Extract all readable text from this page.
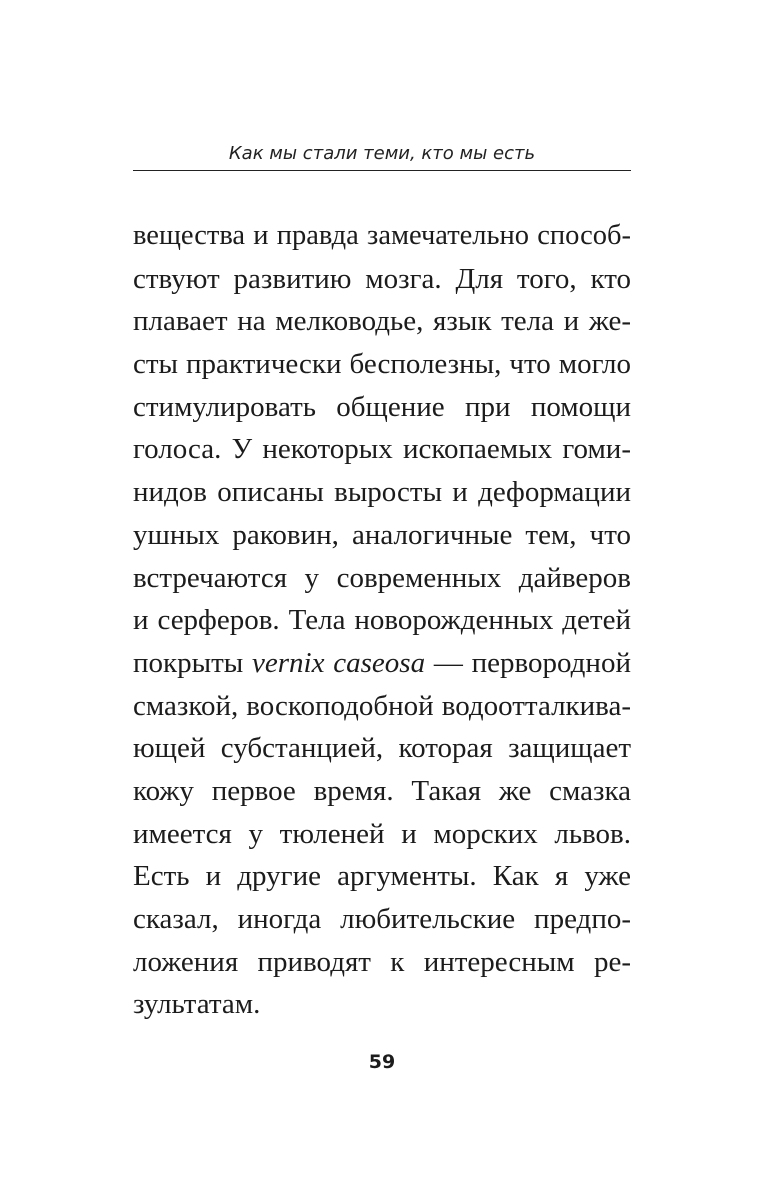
Как мы стали теми, кто мы есть
вещества и правда замечательно способ-
ствуют развитию мозга. Для того, кто
плавает на мелководье, язык тела и же-
сты практически бесполезны, что могло
стимулировать общение при помощи
голоса. У некоторых ископаемых гоми-
нидов описаны выросты и деформации
ушных раковин, аналогичные тем, что
встречаются у современных дайверов
и серферов. Тела новорожденных детей
покрыты vernix caseosa — первородной
смазкой, воскоподобной водоотталкива-
ющей субстанцией, которая защищает
кожу первое время. Такая же смазка
имеется у тюленей и морских львов.
Есть и другие аргументы. Как я уже
сказал, иногда любительские предпо-
ложения приводят к интересным ре-
зультатам.
59
